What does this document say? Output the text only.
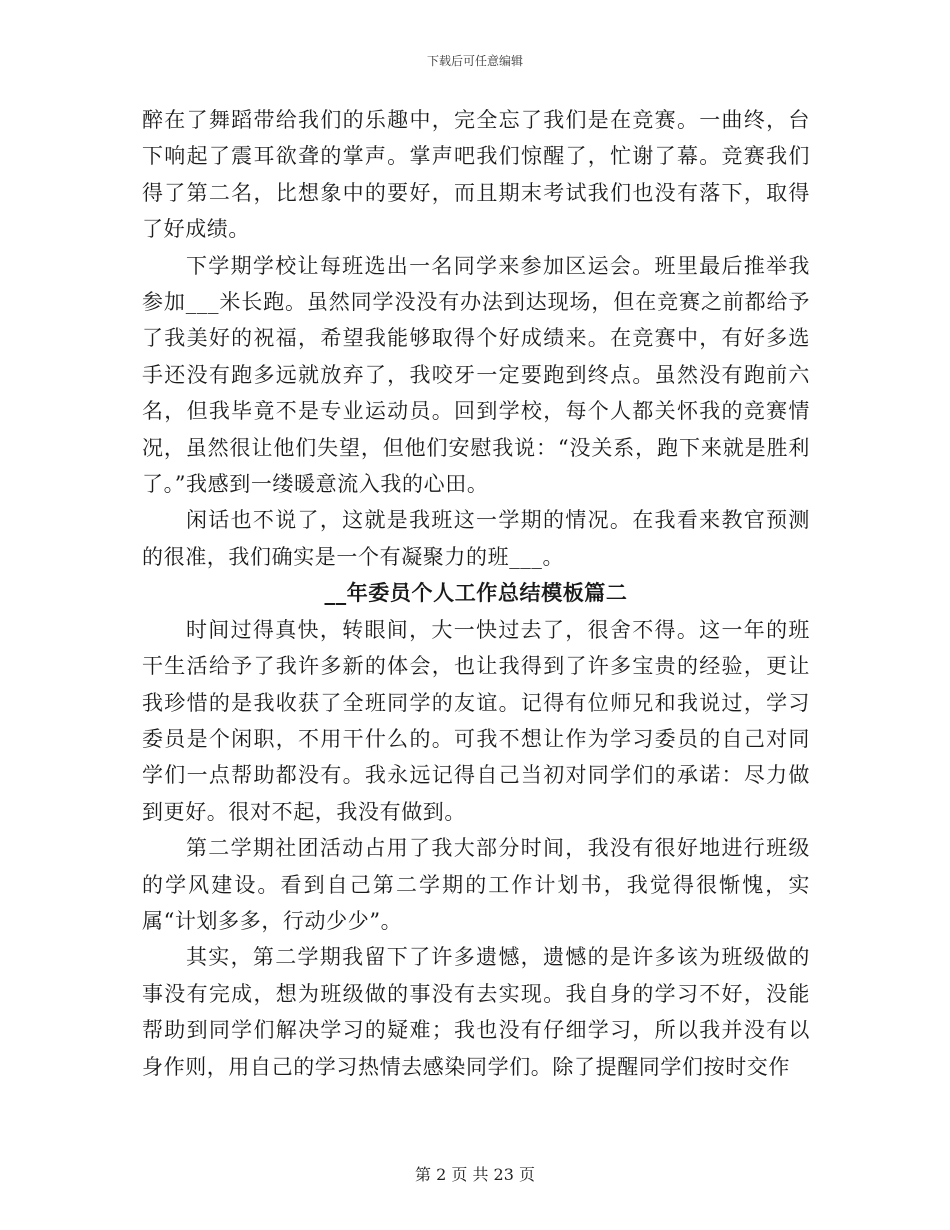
下载后可任意编辑

醉在了舞蹈带给我们的乐趣中，完全忘了我们是在竞赛。一曲终，台下响起了震耳欲聋的掌声。掌声吧我们惊醒了，忙谢了幕。竞赛我们得了第二名，比想象中的要好，而且期末考试我们也没有落下，取得了好成绩。

下学期学校让每班选出一名同学来参加区运会。班里最后推举我参加___米长跑。虽然同学没没有办法到达现场，但在竞赛之前都给予了我美好的祝福，希望我能够取得个好成绩来。在竞赛中，有好多选手还没有跑多远就放弃了，我咬牙一定要跑到终点。虽然没有跑前六名，但我毕竟不是专业运动员。回到学校，每个人都关怀我的竞赛情况，虽然很让他们失望，但他们安慰我说：“没关系，跑下来就是胜利了。”我感到一缕暖意流入我的心田。

闲话也不说了，这就是我班这一学期的情况。在我看来教官预测的很准，我们确实是一个有凝聚力的班___。

__年委员个人工作总结模板篇二

时间过得真快，转眼间，大一快过去了，很舍不得。这一年的班干生活给予了我许多新的体会，也让我得到了许多宝贵的经验，更让我珍惜的是我收获了全班同学的友谊。记得有位师兄和我说过，学习委员是个闲职，不用干什么的。可我不想让作为学习委员的自己对同学们一点帮助都没有。我永远记得自己当初对同学们的承诺：尽力做到更好。很对不起，我没有做到。

第二学期社团活动占用了我大部分时间，我没有很好地进行班级的学风建设。看到自己第二学期的工作计划书，我觉得很惭愧，实属“计划多多，行动少少”。

其实，第二学期我留下了许多遗憾，遗憾的是许多该为班级做的事没有完成，想为班级做的事没有去实现。我自身的学习不好，没能帮助到同学们解决学习的疑难；我也没有仔细学习，所以我并没有以身作则，用自己的学习热情去感染同学们。除了提醒同学们按时交作

第 2 页 共 23 页
